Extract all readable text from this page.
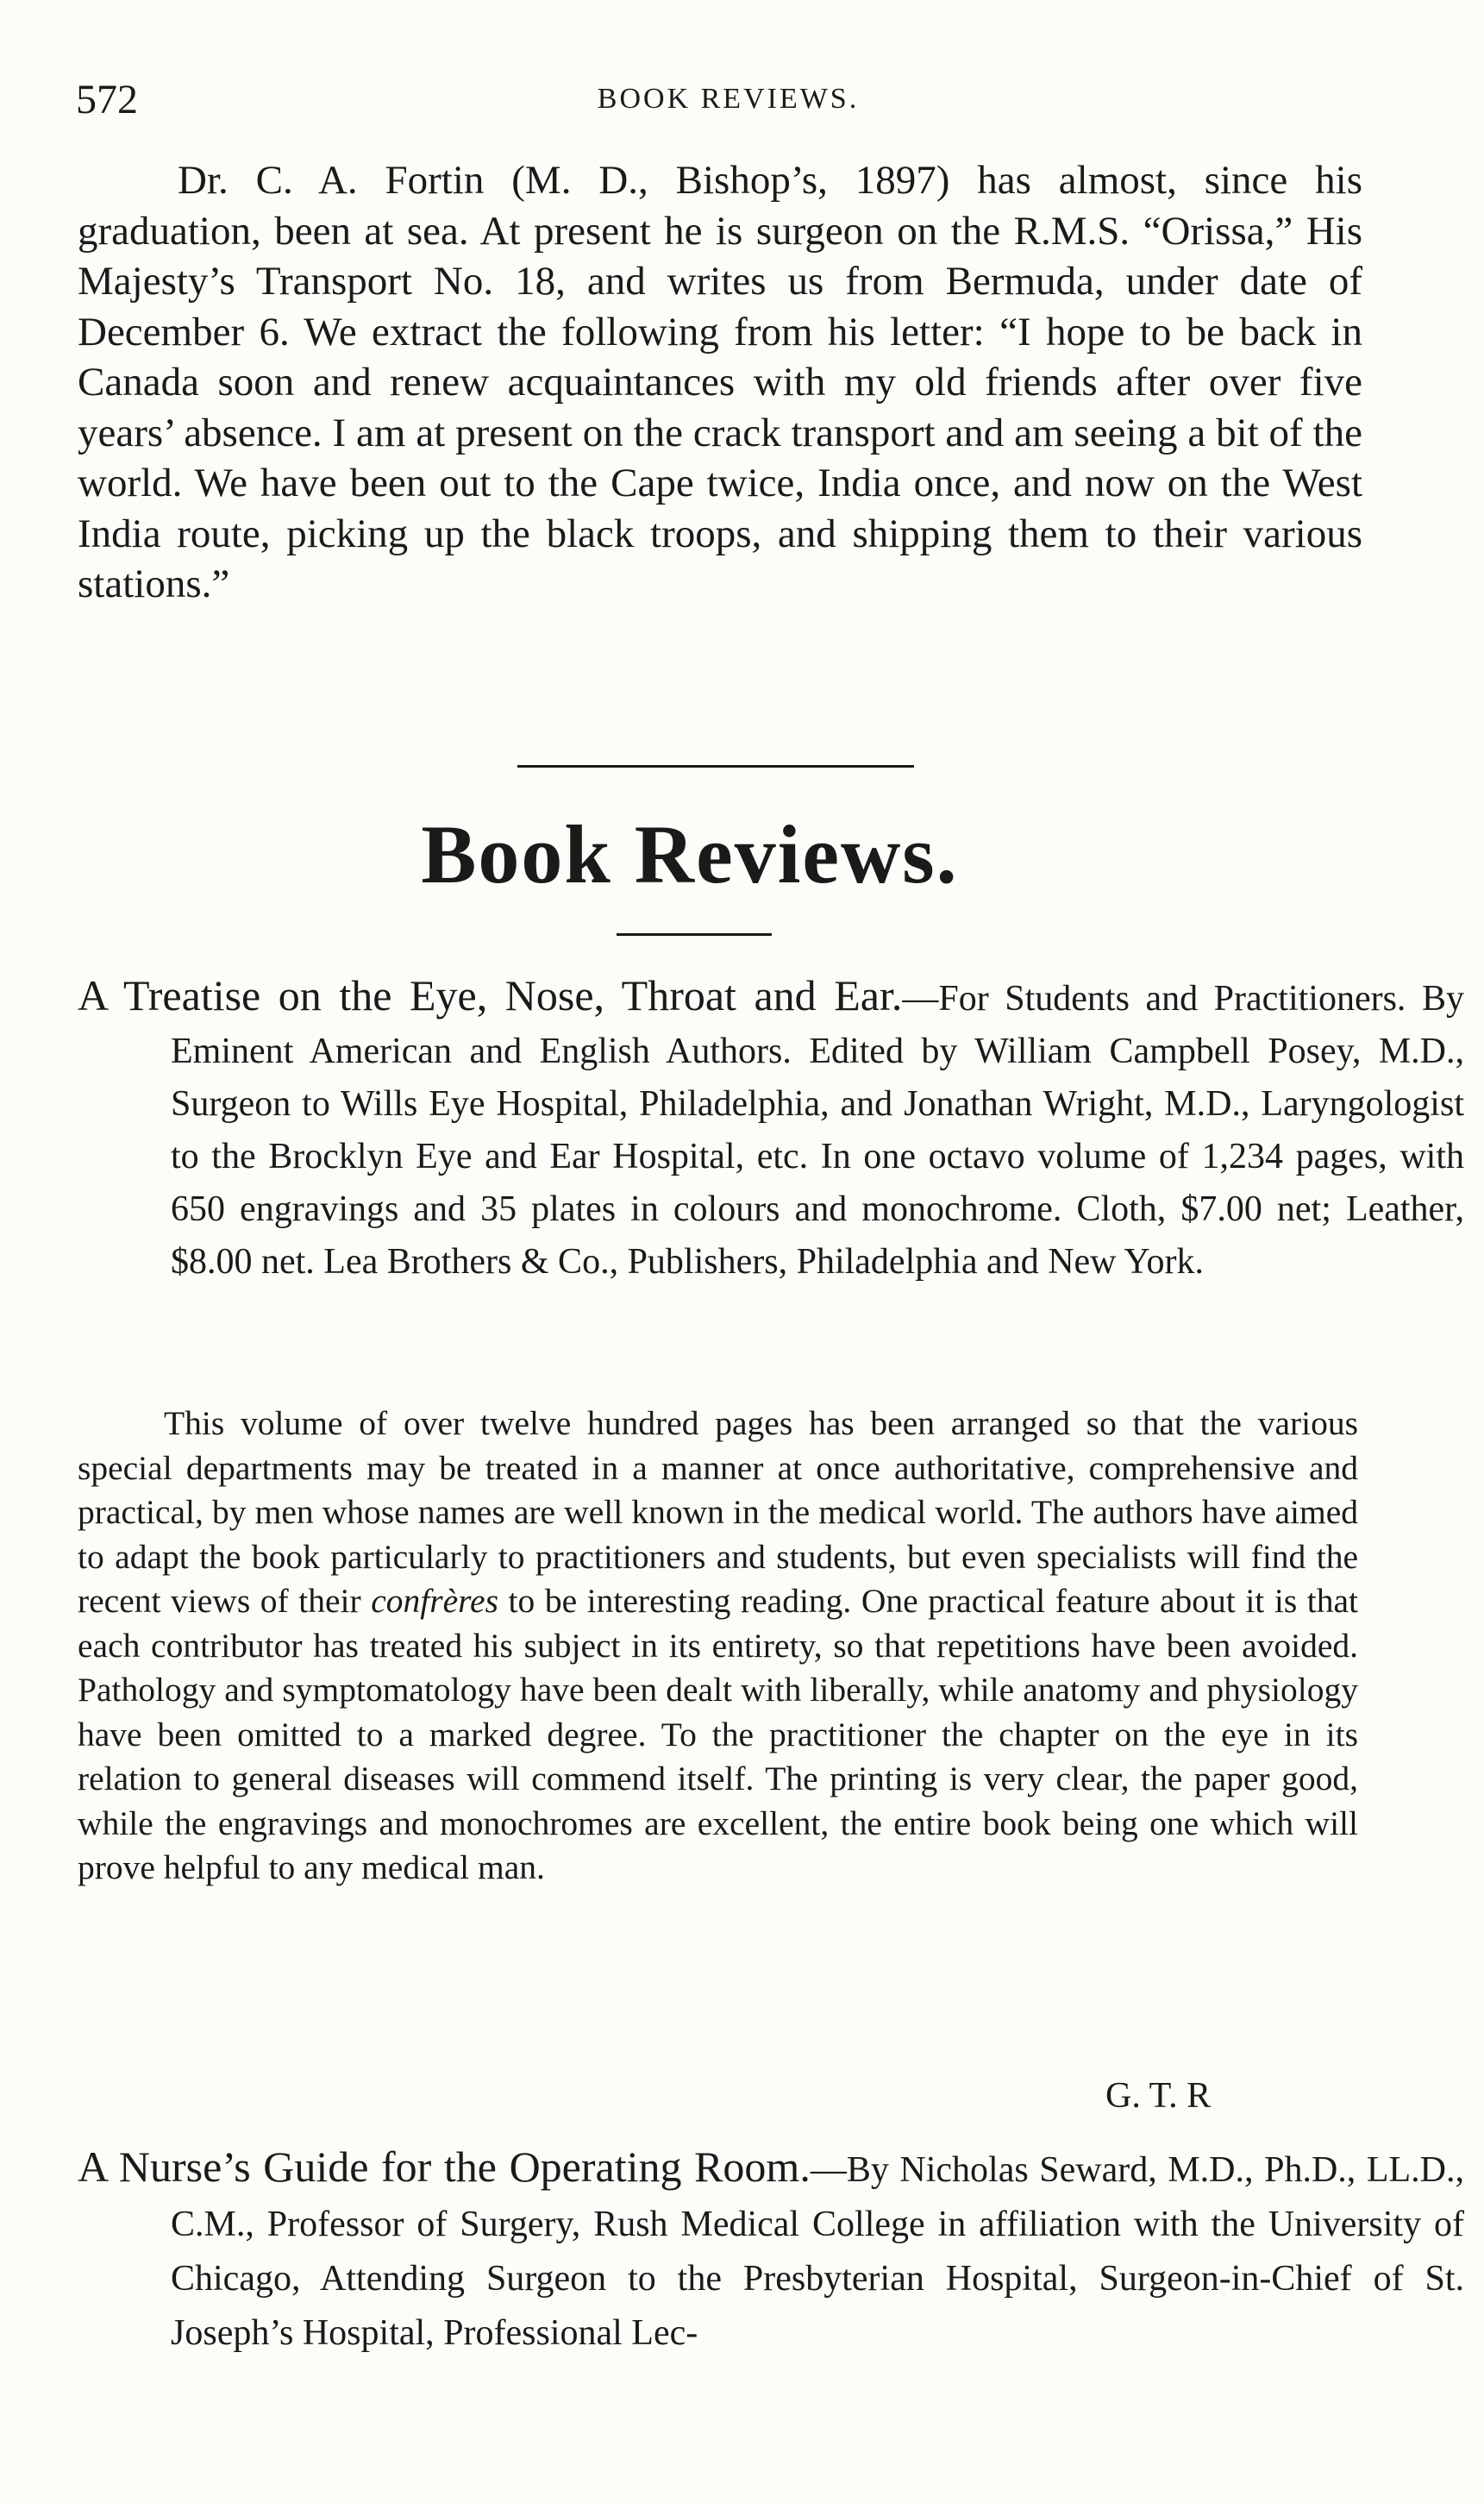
572	BOOK REVIEWS.

Dr. C. A. Fortin (M. D., Bishop’s, 1897) has almost, since his graduation, been at sea. At present he is surgeon on the R.M.S. “Orissa,” His Majesty’s Transport No. 18, and writes us from Bermuda, under date of December 6. We extract the following from his letter: “I hope to be back in Canada soon and renew acquaintances with my old friends after over five years’ absence. I am at present on the crack transport and am seeing a bit of the world. We have been out to the Cape twice, India once, and now on the West India route, picking up the black troops, and shipping them to their various stations.”

Book Reviews.
A Treatise on the Eye, Nose, Throat and Ear.—For Students and Practitioners. By Eminent American and English Authors. Edited by William Campbell Posey, M.D., Surgeon to Wills Eye Hospital, Philadelphia, and Jonathan Wright, M.D., Laryngologist to the Brocklyn Eye and Ear Hospital, etc. In one octavo volume of 1,234 pages, with 650 engravings and 35 plates in colours and monochrome. Cloth, $7.00 net; Leather, $8.00 net. Lea Brothers & Co., Publishers, Philadelphia and New York.

This volume of over twelve hundred pages has been arranged so that the various special departments may be treated in a manner at once authoritative, comprehensive and practical, by men whose names are well known in the medical world. The authors have aimed to adapt the book particularly to practitioners and students, but even specialists will find the recent views of their confrères to be interesting reading. One practical feature about it is that each contributor has treated his subject in its entirety, so that repetitions have been avoided. Pathology and symptomatology have been dealt with liberally, while anatomy and physiology have been omitted to a marked degree. To the practitioner the chapter on the eye in its relation to general diseases will commend itself. The printing is very clear, the paper good, while the engravings and monochromes are excellent, the entire book being one which will prove helpful to any medical man.

G. T. R
A Nurse’s Guide for the Operating Room.—By Nicholas Seward, M.D., Ph.D., LL.D., C.M., Professor of Surgery, Rush Medical College in affiliation with the University of Chicago, Attending Surgeon to the Presbyterian Hospital, Surgeon-in-Chief of St. Joseph’s Hospital, Professional Lec-
